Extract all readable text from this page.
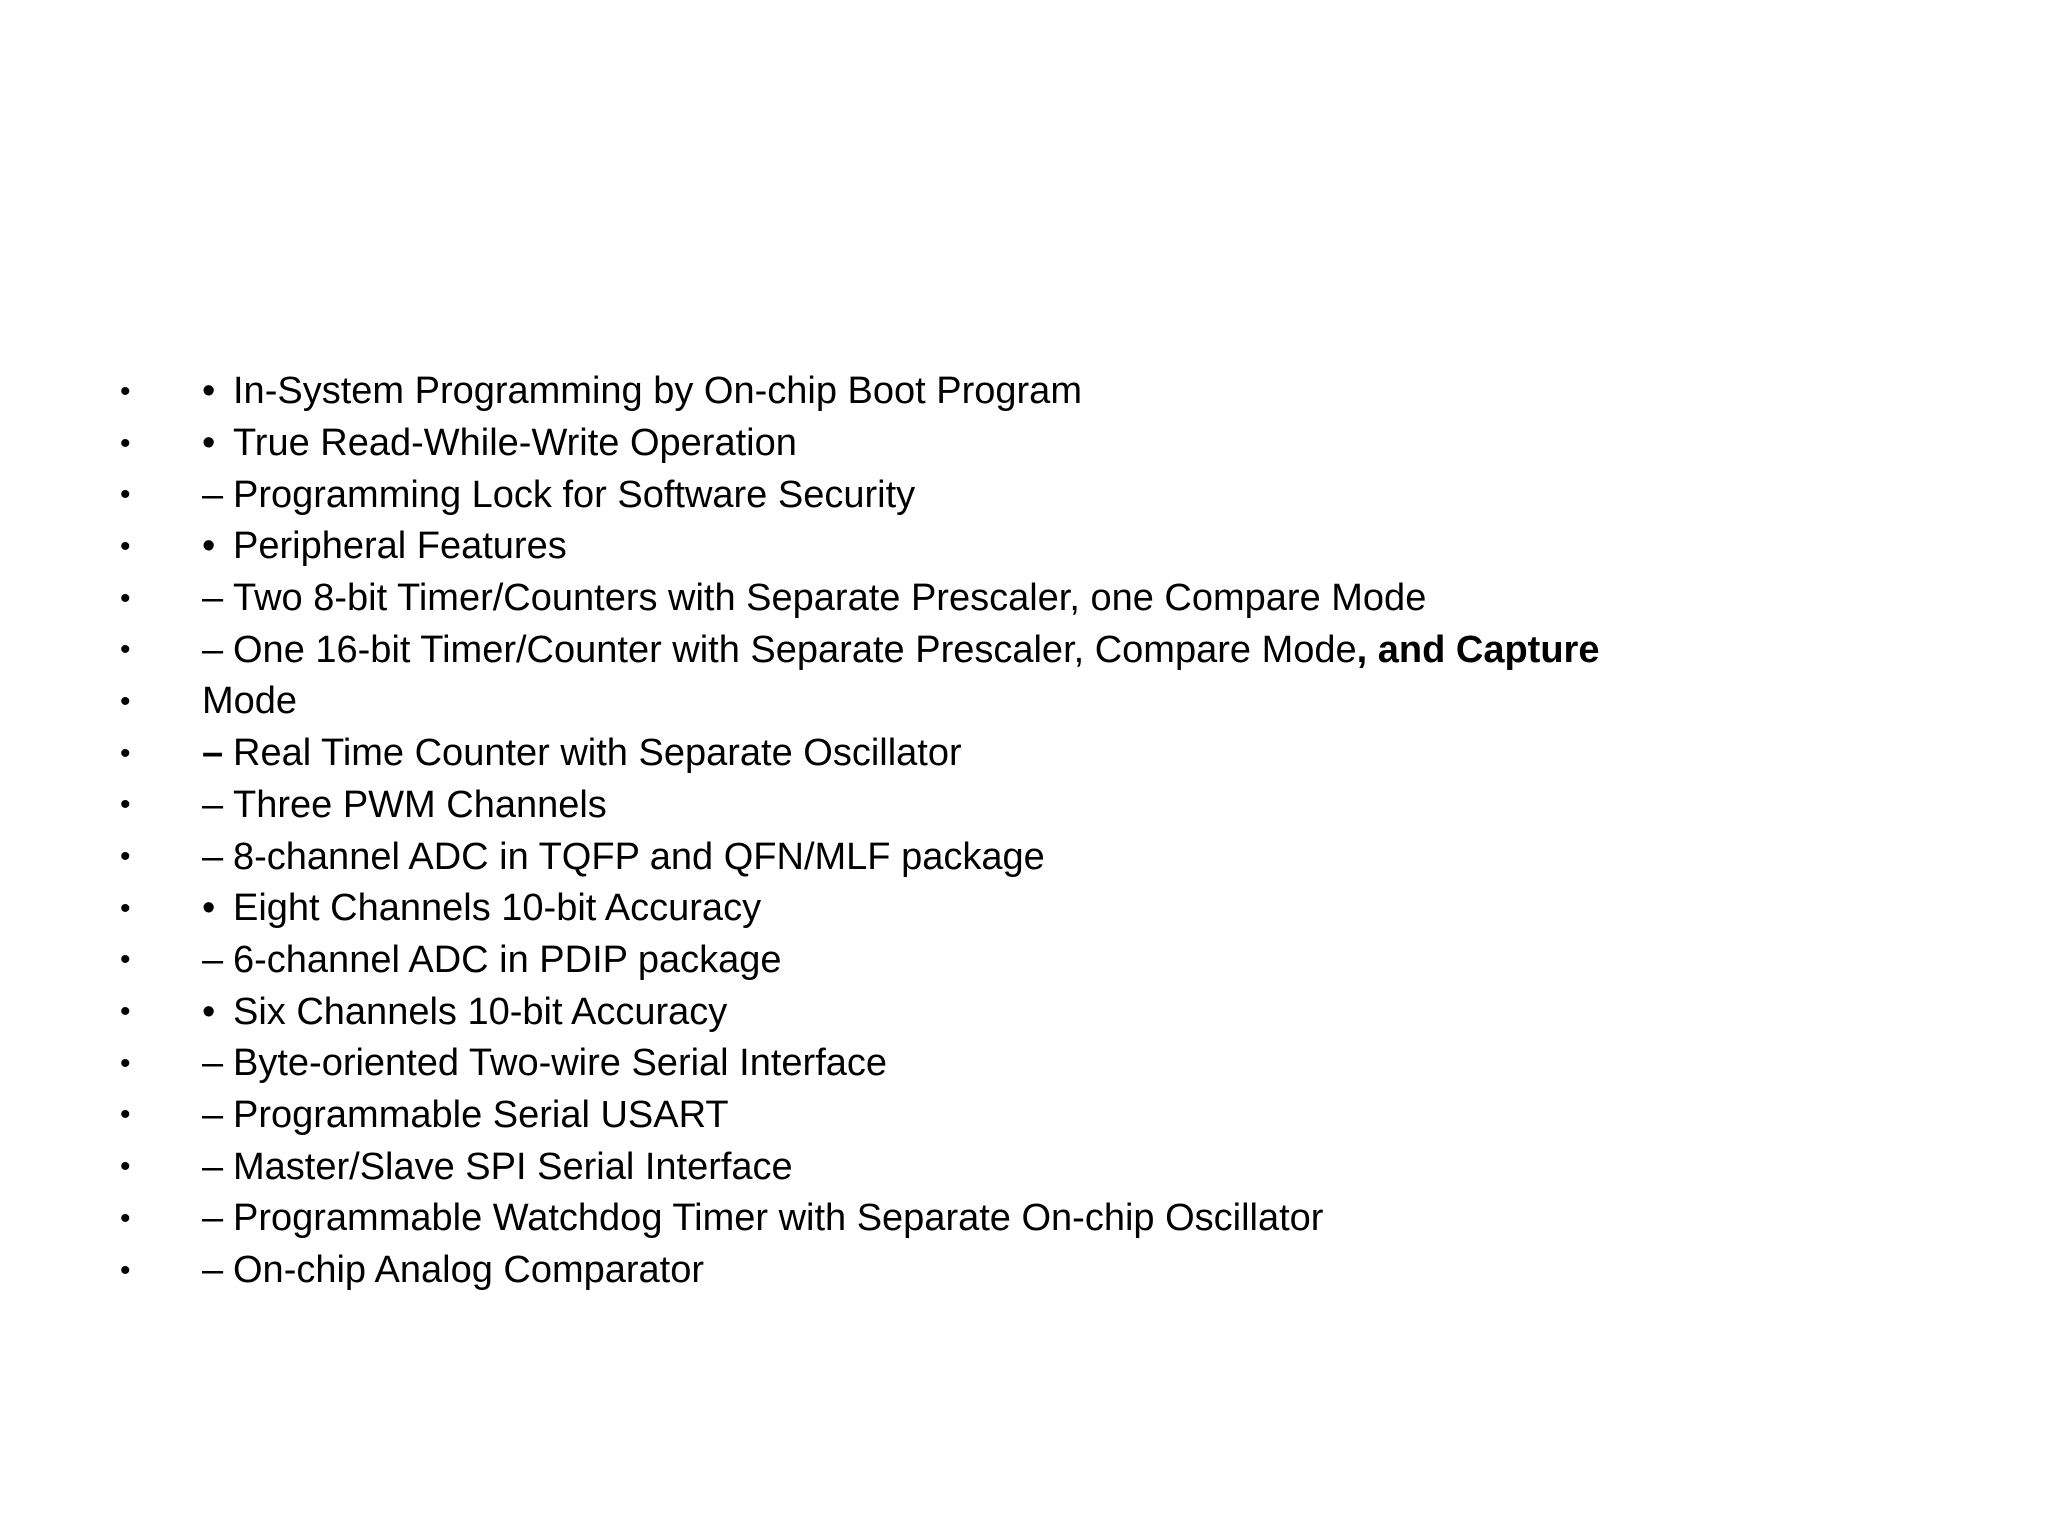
•	• In-System Programming by On-chip Boot Program
•	• True Read-While-Write Operation
•	– Programming Lock for Software Security
•	• Peripheral Features
•	– Two 8-bit Timer/Counters with Separate Prescaler, one Compare Mode
•	– One 16-bit Timer/Counter with Separate Prescaler, Compare Mode , and Capture
•	Mode
•	– Real Time Counter with Separate Oscillator
•	– Three PWM Channels
•	– 8-channel ADC in TQFP and QFN/MLF package
•	• Eight Channels 10-bit Accuracy
•	– 6-channel ADC in PDIP package
•	• Six Channels 10-bit Accuracy
•	– Byte-oriented Two-wire Serial Interface
•	– Programmable Serial USART
•	– Master/Slave SPI Serial Interface
•	– Programmable Watchdog Timer with Separate On-chip Oscillator
•	– On-chip Analog Comparator
